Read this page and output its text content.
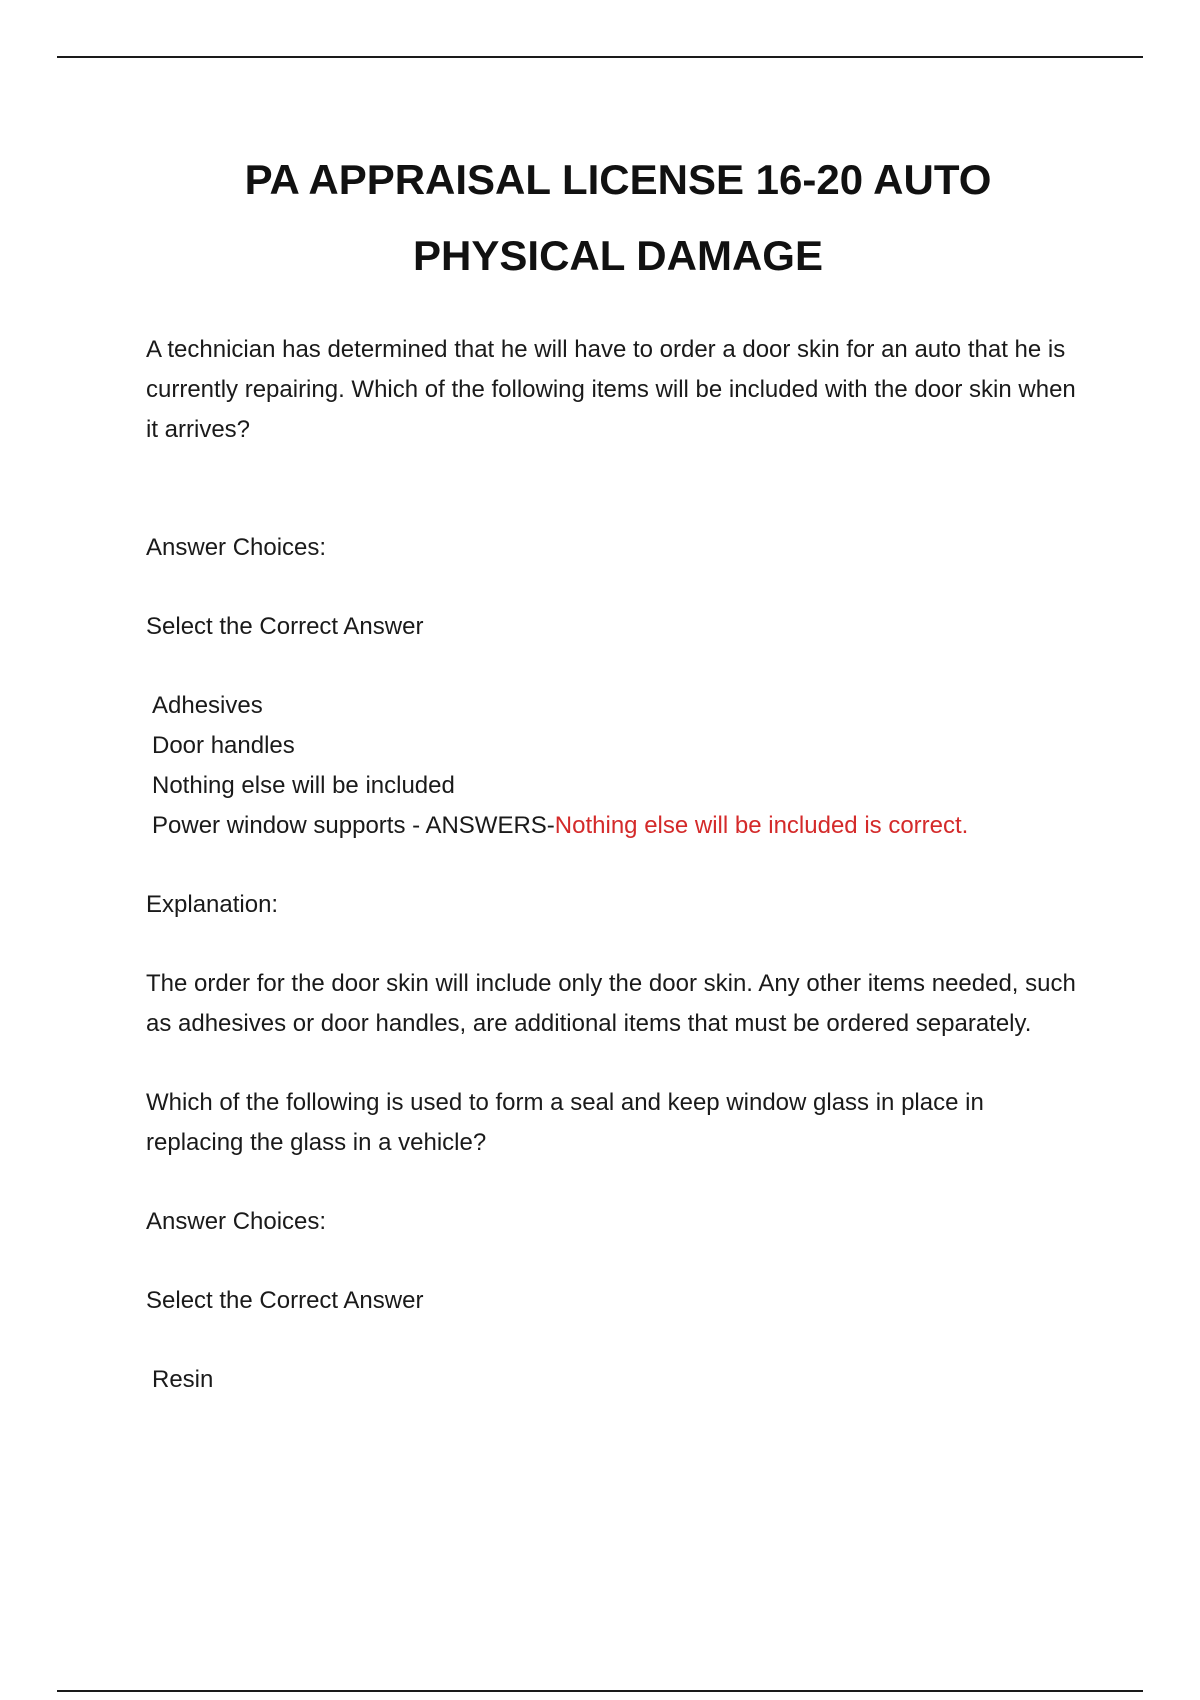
PA APPRAISAL LICENSE 16-20 AUTO
PHYSICAL DAMAGE

A technician has determined that he will have to order a door skin for an auto that he is currently repairing. Which of the following items will be included with the door skin when it arrives?

Answer Choices:

Select the Correct Answer

Adhesives
Door handles
Nothing else will be included
Power window supports - ANSWERS-Nothing else will be included is correct.

Explanation:

The order for the door skin will include only the door skin. Any other items needed, such as adhesives or door handles, are additional items that must be ordered separately.

Which of the following is used to form a seal and keep window glass in place in replacing the glass in a vehicle?

Answer Choices:

Select the Correct Answer

Resin
